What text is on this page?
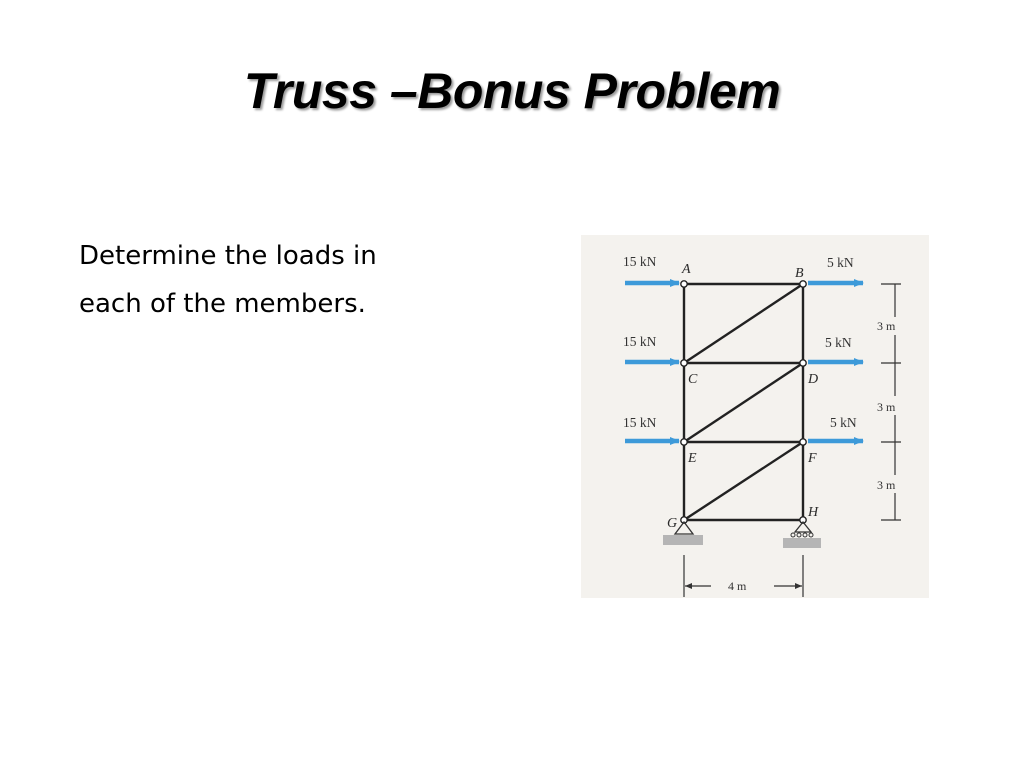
Truss –Bonus Problem
Determine the loads in
each of the members.
15 kN
15 kN
15 kN
5 kN
5 kN
5 kN
A	B
C	D
E	F
G
H
3 m
3 m
3 m
4 m
